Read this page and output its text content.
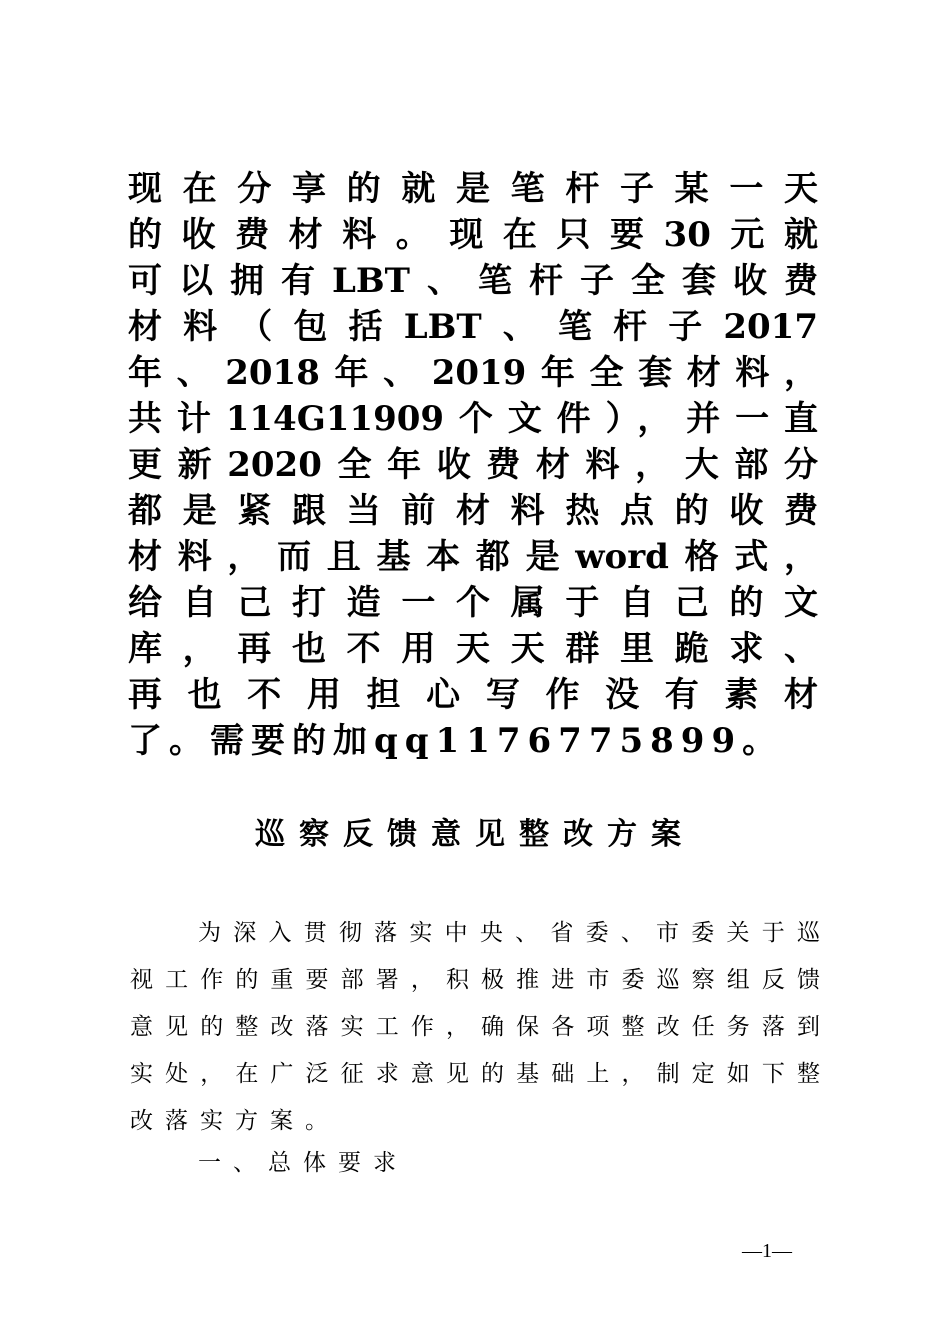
现在分享的就是笔杆子某一天
的收费材料。现在只要30元就
可以拥有LBT、笔杆子全套收费
材料（包括LBT、笔杆子2017
年、2018年、2019年全套材料，
共计114G11909个文件），并一直
更新2020全年收费材料，大部分
都是紧跟当前材料热点的收费
材料，而且基本都是word格式，
给自己打造一个属于自己的文
库，再也不用天天群里跪求、
再也不用担心写作没有素材
了。需要的加qq1176775899。
巡察反馈意见整改方案
为深入贯彻落实中央、省委、市委关于巡
视工作的重要部署，积极推进市委巡察组反馈
意见的整改落实工作，确保各项整改任务落到
实处，在广泛征求意见的基础上，制定如下整
改落实方案。
一、总体要求
—1—
